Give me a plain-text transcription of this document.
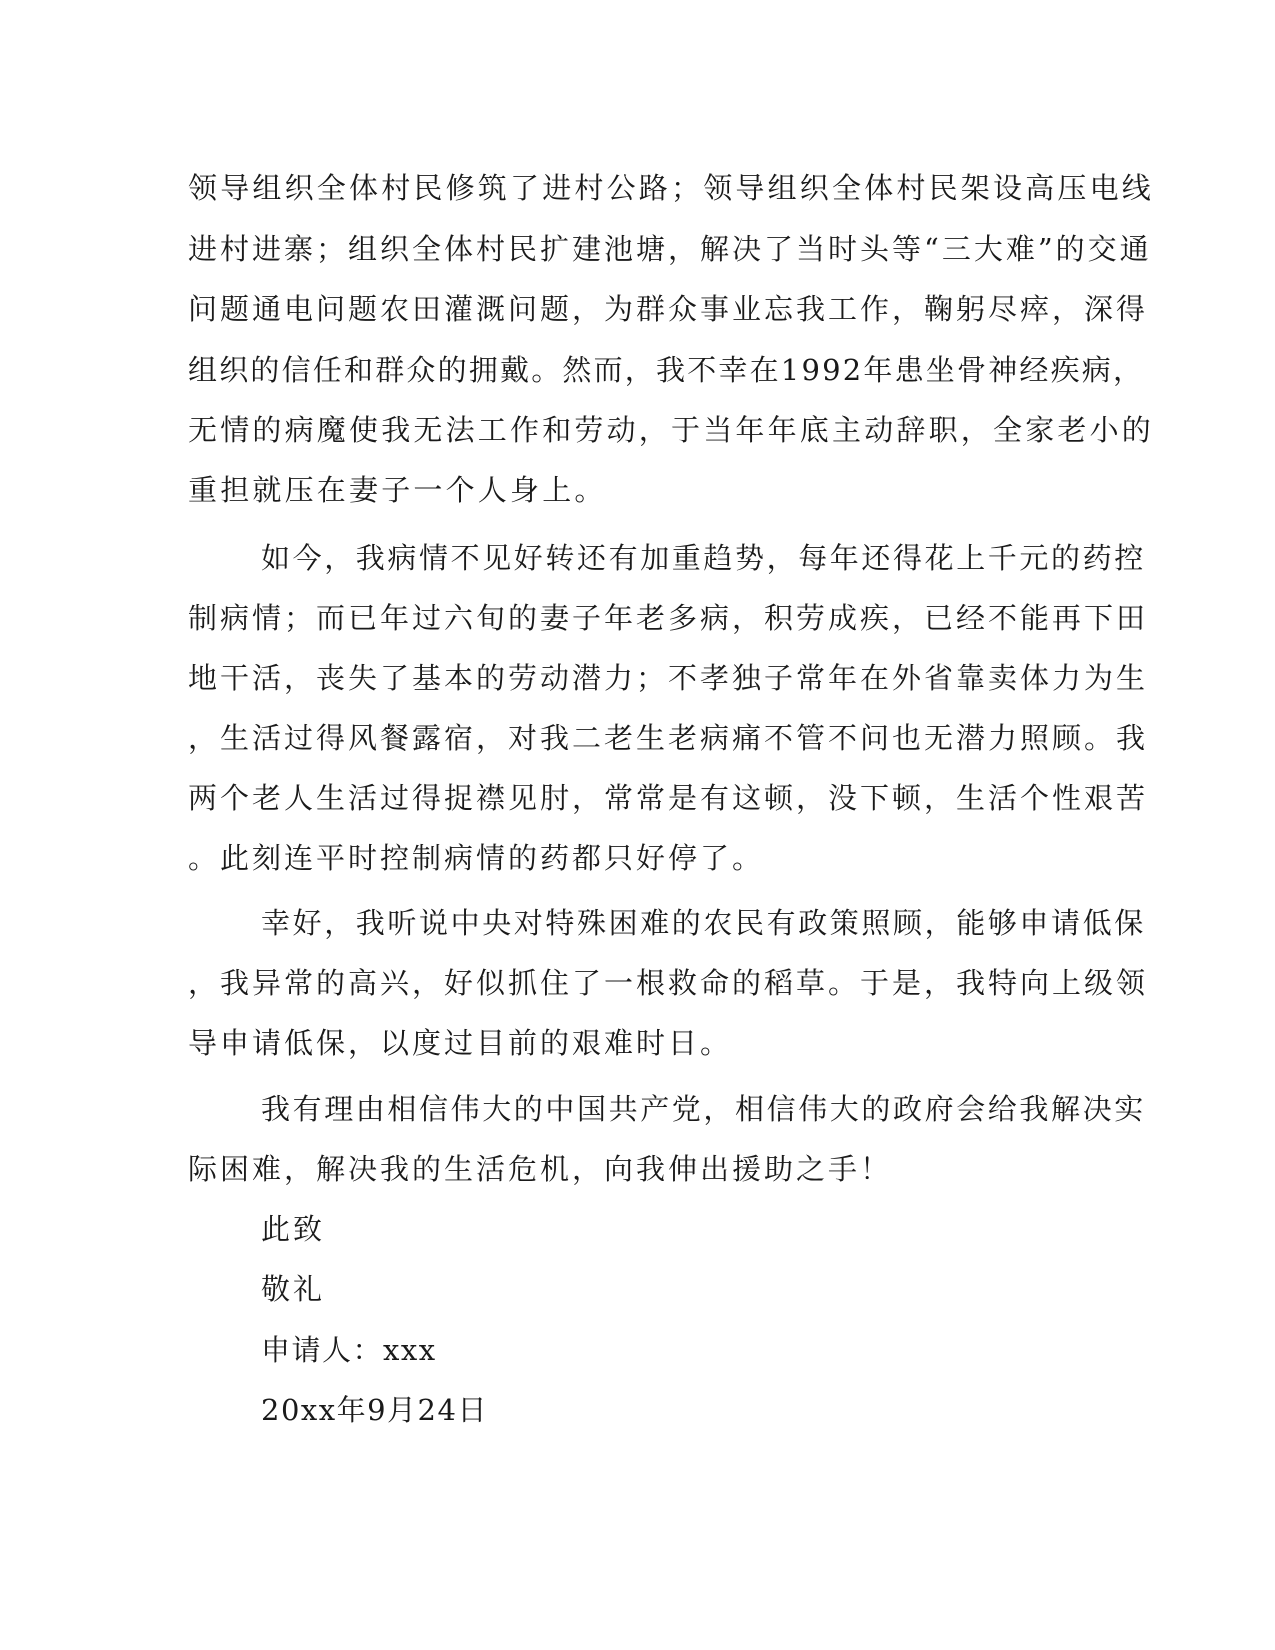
领导组织全体村民修筑了进村公路；领导组织全体村民架设高压电线
进村进寨；组织全体村民扩建池塘，解决了当时头等“三大难”的交通
问题通电问题农田灌溉问题，为群众事业忘我工作，鞠躬尽瘁，深得
组织的信任和群众的拥戴。然而，我不幸在1992年患坐骨神经疾病，
无情的病魔使我无法工作和劳动，于当年年底主动辞职，全家老小的
重担就压在妻子一个人身上。
如今，我病情不见好转还有加重趋势，每年还得花上千元的药控
制病情；而已年过六旬的妻子年老多病，积劳成疾，已经不能再下田
地干活，丧失了基本的劳动潜力；不孝独子常年在外省靠卖体力为生
，生活过得风餐露宿，对我二老生老病痛不管不问也无潜力照顾。我
两个老人生活过得捉襟见肘，常常是有这顿，没下顿，生活个性艰苦
。此刻连平时控制病情的药都只好停了。
幸好，我听说中央对特殊困难的农民有政策照顾，能够申请低保
，我异常的高兴，好似抓住了一根救命的稻草。于是，我特向上级领
导申请低保，以度过目前的艰难时日。
我有理由相信伟大的中国共产党，相信伟大的政府会给我解决实
际困难，解决我的生活危机，向我伸出援助之手！
此致
敬礼
申请人：xxx
20xx年9月24日
